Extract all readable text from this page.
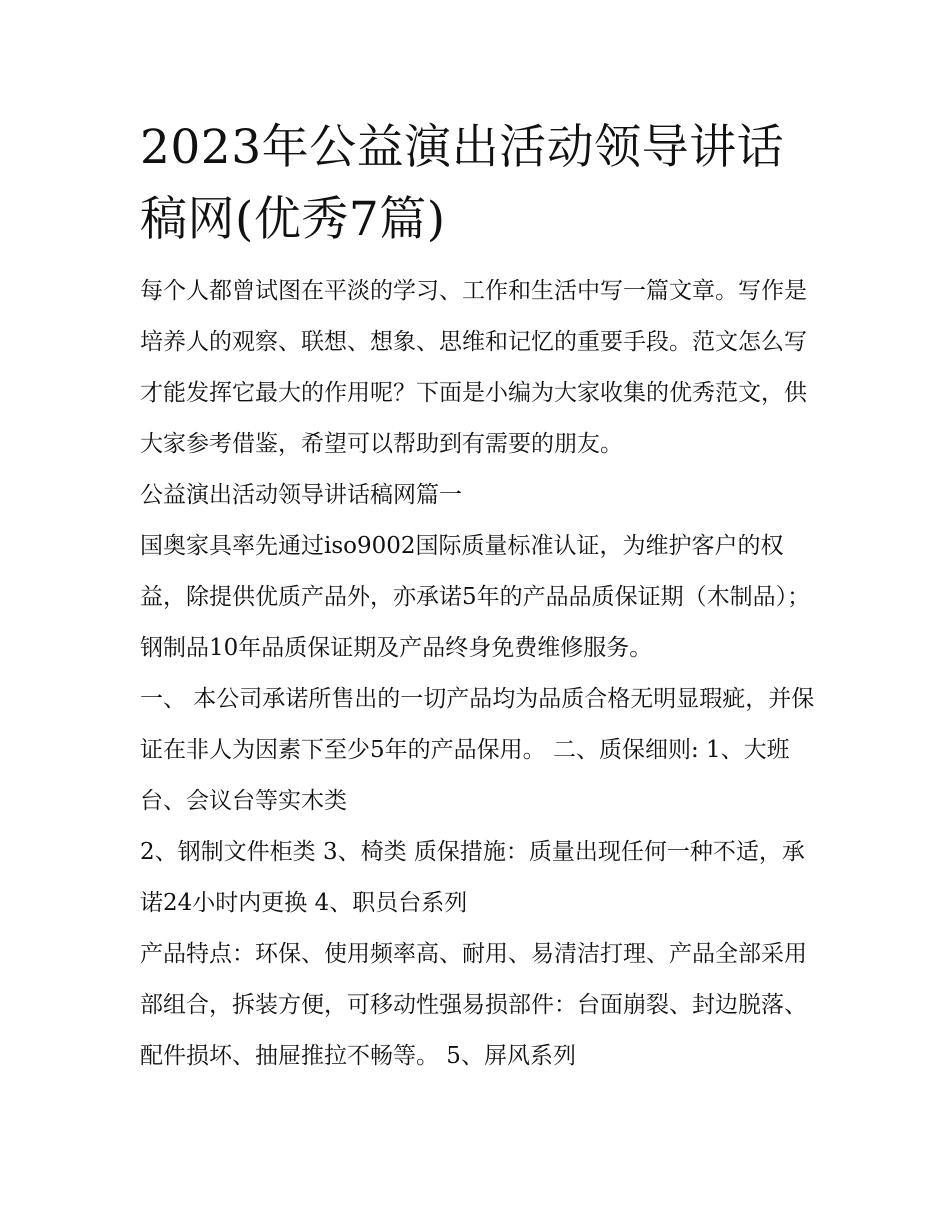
2023年公益演出活动领导讲话
稿网(优秀7篇)

每个人都曾试图在平淡的学习、工作和生活中写一篇文章。写作是培养人的观察、联想、想象、思维和记忆的重要手段。范文怎么写才能发挥它最大的作用呢？下面是小编为大家收集的优秀范文，供大家参考借鉴，希望可以帮助到有需要的朋友。

公益演出活动领导讲话稿网篇一

国奥家具率先通过iso9002国际质量标准认证，为维护客户的权益，除提供优质产品外，亦承诺5年的产品品质保证期（木制品）；钢制品10年品质保证期及产品终身免费维修服务。

一、 本公司承诺所售出的一切产品均为品质合格无明显瑕疵，并保证在非人为因素下至少5年的产品保用。 二、质保细则: 1、大班台、会议台等实木类

2、钢制文件柜类 3、椅类 质保措施：质量出现任何一种不适，承诺24小时内更换 4、职员台系列

产品特点：环保、使用频率高、耐用、易清洁打理、产品全部采用部组合，拆装方便，可移动性强易损部件：台面崩裂、封边脱落、配件损坏、抽屉推拉不畅等。 5、屏风系列
